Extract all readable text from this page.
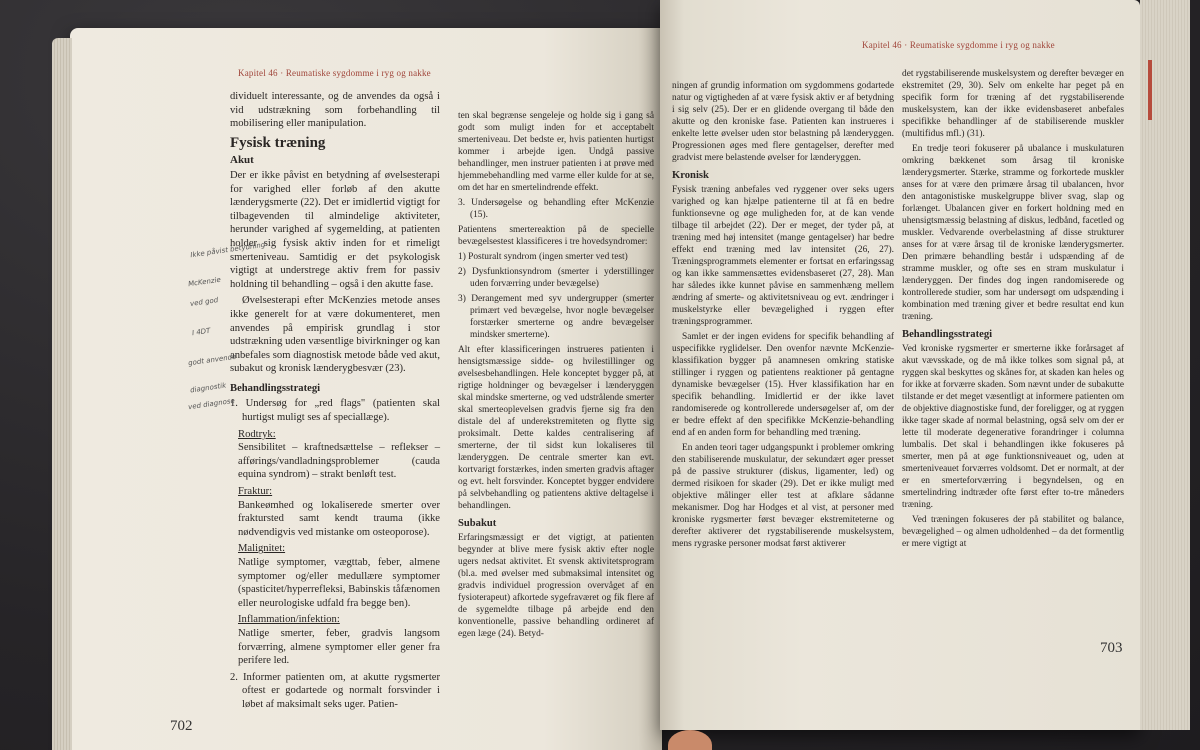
Kapitel 46 · Reumatiske sygdomme i ryg og nakke

dividuelt interessante, og de anvendes da også i vid udstrækning som forbehandling til mobilisering eller manipulation.

Fysisk træning
Akut

Der er ikke påvist en betydning af øvelsesterapi for varighed eller forløb af den akutte lænderygsmerte (22). Det er imidlertid vigtigt for tilbagevenden til almindelige aktiviteter, herunder varighed af sygemelding, at patienten holder sig fysisk aktiv inden for et rimeligt smerteniveau. Samtidig er det psykologisk vigtigt at understrege aktiv frem for passiv holdning til behandling – også i den akutte fase.

Øvelsesterapi efter McKenzies metode anses ikke generelt for at være dokumenteret, men anvendes på empirisk grundlag i stor udstrækning uden væsentlige bivirkninger og kan anbefales som diagnostisk metode både ved akut, subakut og kronisk lænderygbesvær (23).

Behandlingsstrategi

1. Undersøg for „red flags" (patienten skal hurtigst muligt ses af speciallæge).

Rodtryk:

Sensibilitet – kraftnedsættelse – reflekser – afførings/vandladningsproblemer (cauda equina syndrom) – strakt benløft test.

Fraktur:

Bankeømhed og lokaliserede smerter over fraktursted samt kendt trauma (ikke nødvendigvis ved mistanke om osteoporose).

Malignitet:

Natlige symptomer, vægttab, feber, almene symptomer og/eller medullære symptomer (spasticitet/hyperrefleksi, Babinskis tåfænomen eller neurologiske udfald fra begge ben).

Inflammation/infektion:

Natlige smerter, feber, gradvis langsom forværring, almene symptomer eller gener fra perifere led.

2. Informer patienten om, at akutte rygsmerter oftest er godartede og normalt forsvinder i løbet af maksimalt seks uger. Patien-

ten skal begrænse sengeleje og holde sig i gang så godt som muligt inden for et acceptabelt smerteniveau. Det bedste er, hvis patienten hurtigst kommer i arbejde igen. Undgå passive behandlinger, men instruer patienten i at prøve med hjemmebehandling med varme eller kulde for at se, om det har en smertelindrende effekt.

3. Undersøgelse og behandling efter McKenzie (15).

Patientens smertereaktion på de specielle bevægelsestest klassificeres i tre hovedsyndromer:

1) Posturalt syndrom (ingen smerter ved test)

2) Dysfunktionsyndrom (smerter i yderstillinger uden forværring under bevægelse)

3) Derangement med syv undergrupper (smerter primært ved bevægelse, hvor nogle bevægelser forstærker smerterne og andre bevægelser mindsker smerterne).

Alt efter klassificeringen instrueres patienten i hensigtsmæssige sidde- og hvilestillinger og øvelsesbehandlingen. Hele konceptet bygger på, at rigtige holdninger og bevægelser i lænderyggen skal mindske smerterne, og ved udstrålende smerter skal smerteoplevelsen gradvis fjerne sig fra den distale del af underekstremiteten og flytte sig proksimalt. Dette kaldes centralisering af smerterne, der til sidst kun lokaliseres til lænderyggen. De centrale smerter kan evt. kortvarigt forstærkes, inden smerten gradvis aftager og evt. helt forsvinder. Konceptet bygger endvidere på selvbehandling og patientens aktive deltagelse i behandlingen.

Subakut

Erfaringsmæssigt er det vigtigt, at patienten begynder at blive mere fysisk aktiv efter nogle ugers nedsat aktivitet. Et svensk aktivitetsprogram (bl.a. med øvelser med submaksimal intensitet og gradvis individuel progression overvåget af en fysioterapeut) afkortede sygefraværet og fik flere af de sygemeldte tilbage på arbejde end den konventionelle, passive behandling ordineret af egen læge (24). Betyd-

Ikke påvist betydning
McKenzie
ved god
I 4DT
godt anvende
diagnostik
ved diagnose
702
Kapitel 46 · Reumatiske sygdomme i ryg og nakke

ningen af grundig information om sygdommens godartede natur og vigtigheden af at være fysisk aktiv er af betydning i sig selv (25). Der er en glidende overgang til både den akutte og den kroniske fase. Patienten kan instrueres i enkelte lette øvelser uden stor belastning på lænderyggen. Progressionen øges med flere gentagelser, derefter med gradvist mere belastende øvelser for lænderyggen.

Kronisk

Fysisk træning anbefales ved ryggener over seks ugers varighed og kan hjælpe patienterne til at få en bedre funktionsevne og øge muligheden for, at de kan vende tilbage til arbejdet (22). Der er meget, der tyder på, at træning med høj intensitet (mange gentagelser) har bedre effekt end træning med lav intensitet (26, 27). Træningsprogrammets elementer er fortsat en erfaringssag og kan ikke sammensættes evidensbaseret (27, 28). Man har således ikke kunnet påvise en sammenhæng mellem ændring af smerte- og aktivitetsniveau og evt. ændringer i muskelstyrke eller bevægelighed i ryggen efter træningsprogrammer.

Samlet er der ingen evidens for specifik behandling af uspecifikke ryglidelser. Den ovenfor nævnte McKenzie-klassifikation bygger på anamnesen omkring statiske stillinger i ryggen og patientens reaktioner på gentagne dynamiske bevægelser (15). Hver klassifikation har en specifik behandling. Imidlertid er der ikke lavet randomiserede og kontrollerede undersøgelser af, om der er bedre effekt af den specifikke McKenzie-behandling end af en anden form for behandling med træning.

En anden teori tager udgangspunkt i problemer omkring den stabiliserende muskulatur, der sekundært øger presset på de passive strukturer (diskus, ligamenter, led) og dermed risikoen for skader (29). Det er ikke muligt med objektive målinger eller test at afklare sådanne mekanismer. Dog har Hodges et al vist, at personer med kroniske rygsmerter først bevæger ekstremiteterne og derefter aktiverer det rygstabiliserende muskelsystem, mens rygraske personer modsat først aktiverer

det rygstabiliserende muskelsystem og derefter bevæger en ekstremitet (29, 30). Selv om enkelte har peget på en specifik form for træning af det rygstabiliserende muskelsystem, kan der ikke evidensbaseret anbefales specifikke behandlinger af de stabiliserende muskler (multifidus mfl.) (31).

En tredje teori fokuserer på ubalance i muskulaturen omkring bækkenet som årsag til kroniske lænderygsmerter. Stærke, stramme og forkortede muskler anses for at være den primære årsag til ubalancen, hvor den antagonistiske muskelgruppe bliver svag, slap og forlænget. Ubalancen giver en forkert holdning med en uhensigtsmæssig belastning af diskus, ledbånd, facetled og muskler. Vedvarende overbelastning af disse strukturer anses for at være årsag til de kroniske lænderygsmerter. Den primære behandling består i udspænding af de stramme muskler, og ofte ses en stram muskulatur i lænderyggen. Der findes dog ingen randomiserede og kontrollerede studier, som har undersøgt om udspænding i kombination med træning giver et bedre resultat end kun træning.

Behandlingsstrategi

Ved kroniske rygsmerter er smerterne ikke forårsaget af akut vævsskade, og de må ikke tolkes som signal på, at ryggen skal beskyttes og skånes for, at skaden kan heles og for ikke at forværre skaden. Som nævnt under de subakutte tilstande er det meget væsentligt at informere patienten om de objektive diagnostiske fund, der foreligger, og at ryggen ikke tager skade af normal belastning, også selv om der er lette til moderate degenerative forandringer i columna lumbalis. Det skal i behandlingen ikke fokuseres på smerter, men på at øge funktionsniveauet og, uden at smerteniveauet forværres voldsomt. Det er normalt, at der er en smerteforværring i begyndelsen, og en smertelindring indtræder ofte først efter to-tre måneders træning.

Ved træningen fokuseres der på stabilitet og balance, bevægelighed – og almen udholdenhed – da det formentlig er mere vigtigt at

703
